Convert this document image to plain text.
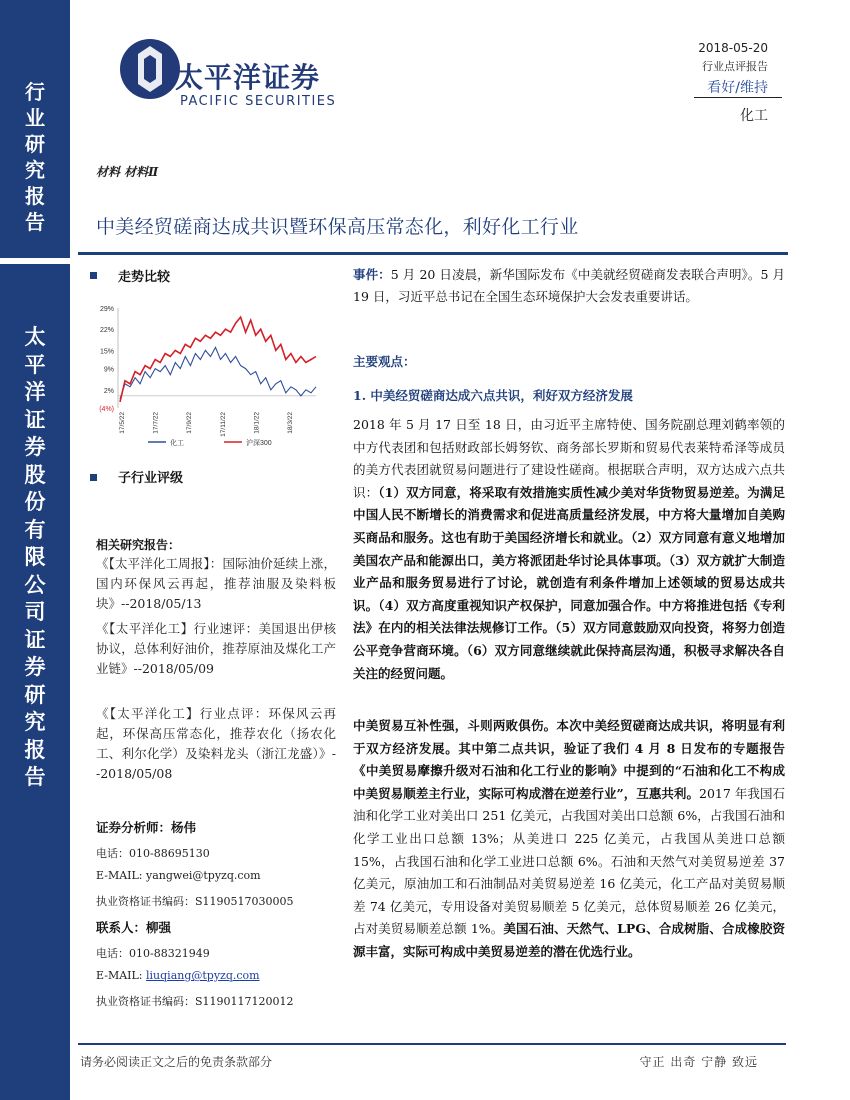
行
业
研
究
报
告
太
平
洋
证
券
股
份
有
限
公
司
证
券
研
究
报
告
太平洋证券
PACIFIC SECURITIES
2018-05-20
行业点评报告
看好/维持
化工
材料 材料Ⅱ
中美经贸磋商达成共识暨环保高压常态化，利好化工行业
走势比较
29%
22%
15%
9%
2%
(4%)
17/5/22	17/7/22	17/9/22	17/11/22	18/1/22	18/3/22
化工	沪深300
子行业评级
相关研究报告：
《【太平洋化工周报】：国际油价延续上涨，国内环保风云再起，推荐油服及染料板块》--2018/05/13
《【太平洋化工】行业速评：美国退出伊核协议，总体利好油价，推荐原油及煤化工产业链》--2018/05/09
《【太平洋化工】行业点评：环保风云再起，环保高压常态化，推荐农化（扬农化工、利尔化学）及染料龙头（浙江龙盛）》--2018/05/08
证券分析师：杨伟
电话：010-88695130
E-MAIL: yangwei@tpyzq.com
执业资格证书编码：S1190517030005
联系人：柳强
电话：010-88321949
E-MAIL: liuqiang@tpyzq.com
执业资格证书编码：S1190117120012
事件：5 月 20 日凌晨，新华国际发布《中美就经贸磋商发表联合声明》。5 月 19 日，习近平总书记在全国生态环境保护大会发表重要讲话。
主要观点：
1. 中美经贸磋商达成六点共识，利好双方经济发展
2018 年 5 月 17 日至 18 日，由习近平主席特使、国务院副总理刘鹤率领的中方代表团和包括财政部长姆努钦、商务部长罗斯和贸易代表莱特希泽等成员的美方代表团就贸易问题进行了建设性磋商。根据联合声明，双方达成六点共识：（1）双方同意，将采取有效措施实质性减少美对华货物贸易逆差。为满足中国人民不断增长的消费需求和促进高质量经济发展，中方将大量增加自美购买商品和服务。这也有助于美国经济增长和就业。（2）双方同意有意义地增加美国农产品和能源出口，美方将派团赴华讨论具体事项。（3）双方就扩大制造业产品和服务贸易进行了讨论，就创造有利条件增加上述领域的贸易达成共识。（4）双方高度重视知识产权保护，同意加强合作。中方将推进包括《专利法》在内的相关法律法规修订工作。（5）双方同意鼓励双向投资，将努力创造公平竞争营商环境。（6）双方同意继续就此保持高层沟通，积极寻求解决各自关注的经贸问题。
中美贸易互补性强，斗则两败俱伤。本次中美经贸磋商达成共识，将明显有利于双方经济发展。其中第二点共识，验证了我们 4 月 8 日发布的专题报告《中美贸易摩擦升级对石油和化工行业的影响》中提到的“石油和化工不构成中美贸易顺差主行业，实际可构成潜在逆差行业”，互惠共利。2017 年我国石油和化学工业对美出口 251 亿美元，占我国对美出口总额 6%，占我国石油和化学工业出口总额 13%；从美进口 225 亿美元，占我国从美进口总额 15%，占我国石油和化学工业进口总额 6%。石油和天然气对美贸易逆差 37 亿美元，原油加工和石油制品对美贸易逆差 16 亿美元，化工产品对美贸易顺差 74 亿美元，专用设备对美贸易顺差 5 亿美元，总体贸易顺差 26 亿美元，占对美贸易顺差总额 1%。美国石油、天然气、LPG、合成树脂、合成橡胶资源丰富，实际可构成中美贸易逆差的潜在优选行业。
请务必阅读正文之后的免责条款部分	守正 出奇 宁静 致远
